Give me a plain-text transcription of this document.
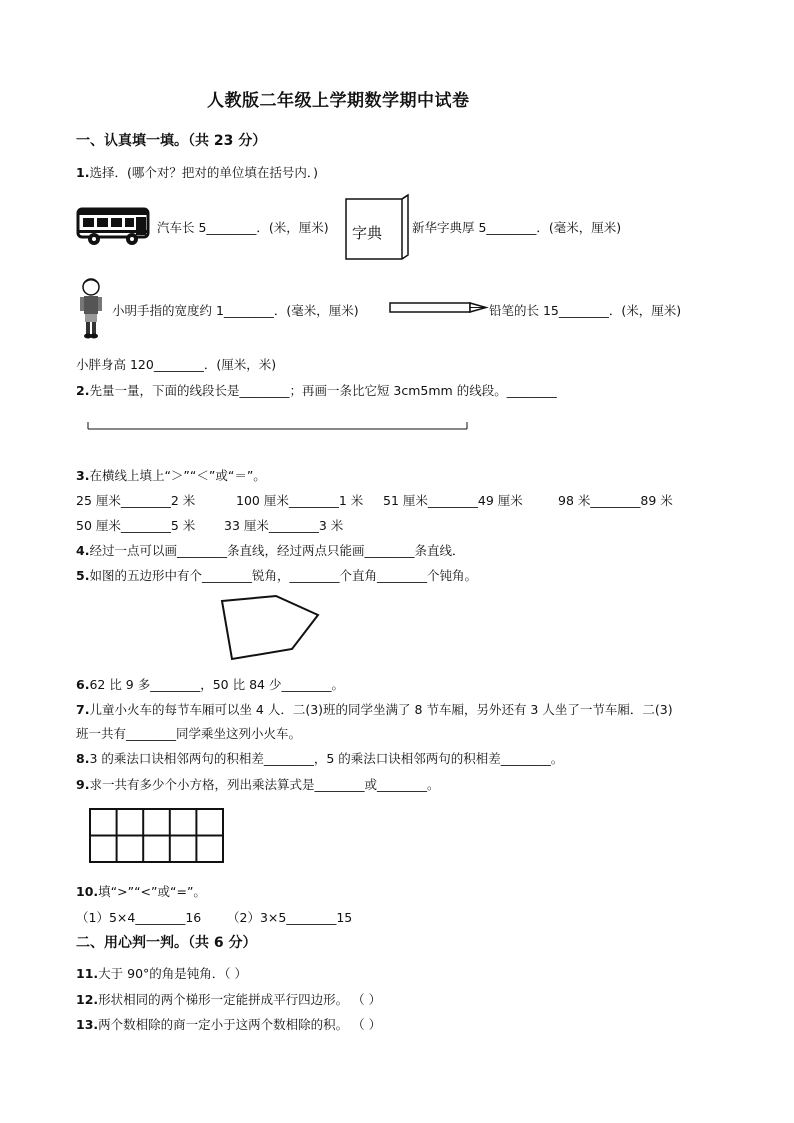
人教版二年级上学期数学期中试卷
一、认真填一填。（共 23 分）
1.选择．(哪个对？把对的单位填在括号内．)
汽车长 5________．(米，厘米) 字典 新华字典厚 5________．(毫米，厘米)
小明手指的宽度约 1________．(毫米，厘米)	铅笔的长 15________．(米，厘米)
小胖身高 120________．(厘米，米)
2.先量一量，下面的线段长是________；再画一条比它短 3cm5mm 的线段。________
3.在横线上填上“＞”“＜”或“＝”。
25 厘米________2 米	100 厘米________1 米 51 厘米________49 厘米	98 米________89 米
50 厘米________5 米 33 厘米________3 米
4.经过一点可以画________条直线，经过两点只能画________条直线．
5.如图的五边形中有个________锐角，________个直角________个钝角。
6.62 比 9 多________，50 比 84 少________。
7.儿童小火车的每节车厢可以坐 4 人．二(3)班的同学坐满了 8 节车厢，另外还有 3 人坐了一节车厢．二(3)
班一共有________同学乘坐这列小火车。
8.3 的乘法口诀相邻两句的积相差________，5 的乘法口诀相邻两句的积相差________。
9.求一共有多少个小方格，列出乘法算式是________或________。
10.填“>”“<”或“=”。
（1）5×4________16 （2）3×5________15
二、用心判一判。（共 6 分）
11.大于 90°的角是钝角．（ ）
12.形状相同的两个梯形一定能拼成平行四边形。 （ ）
13.两个数相除的商一定小于这两个数相除的积。 （ ）
